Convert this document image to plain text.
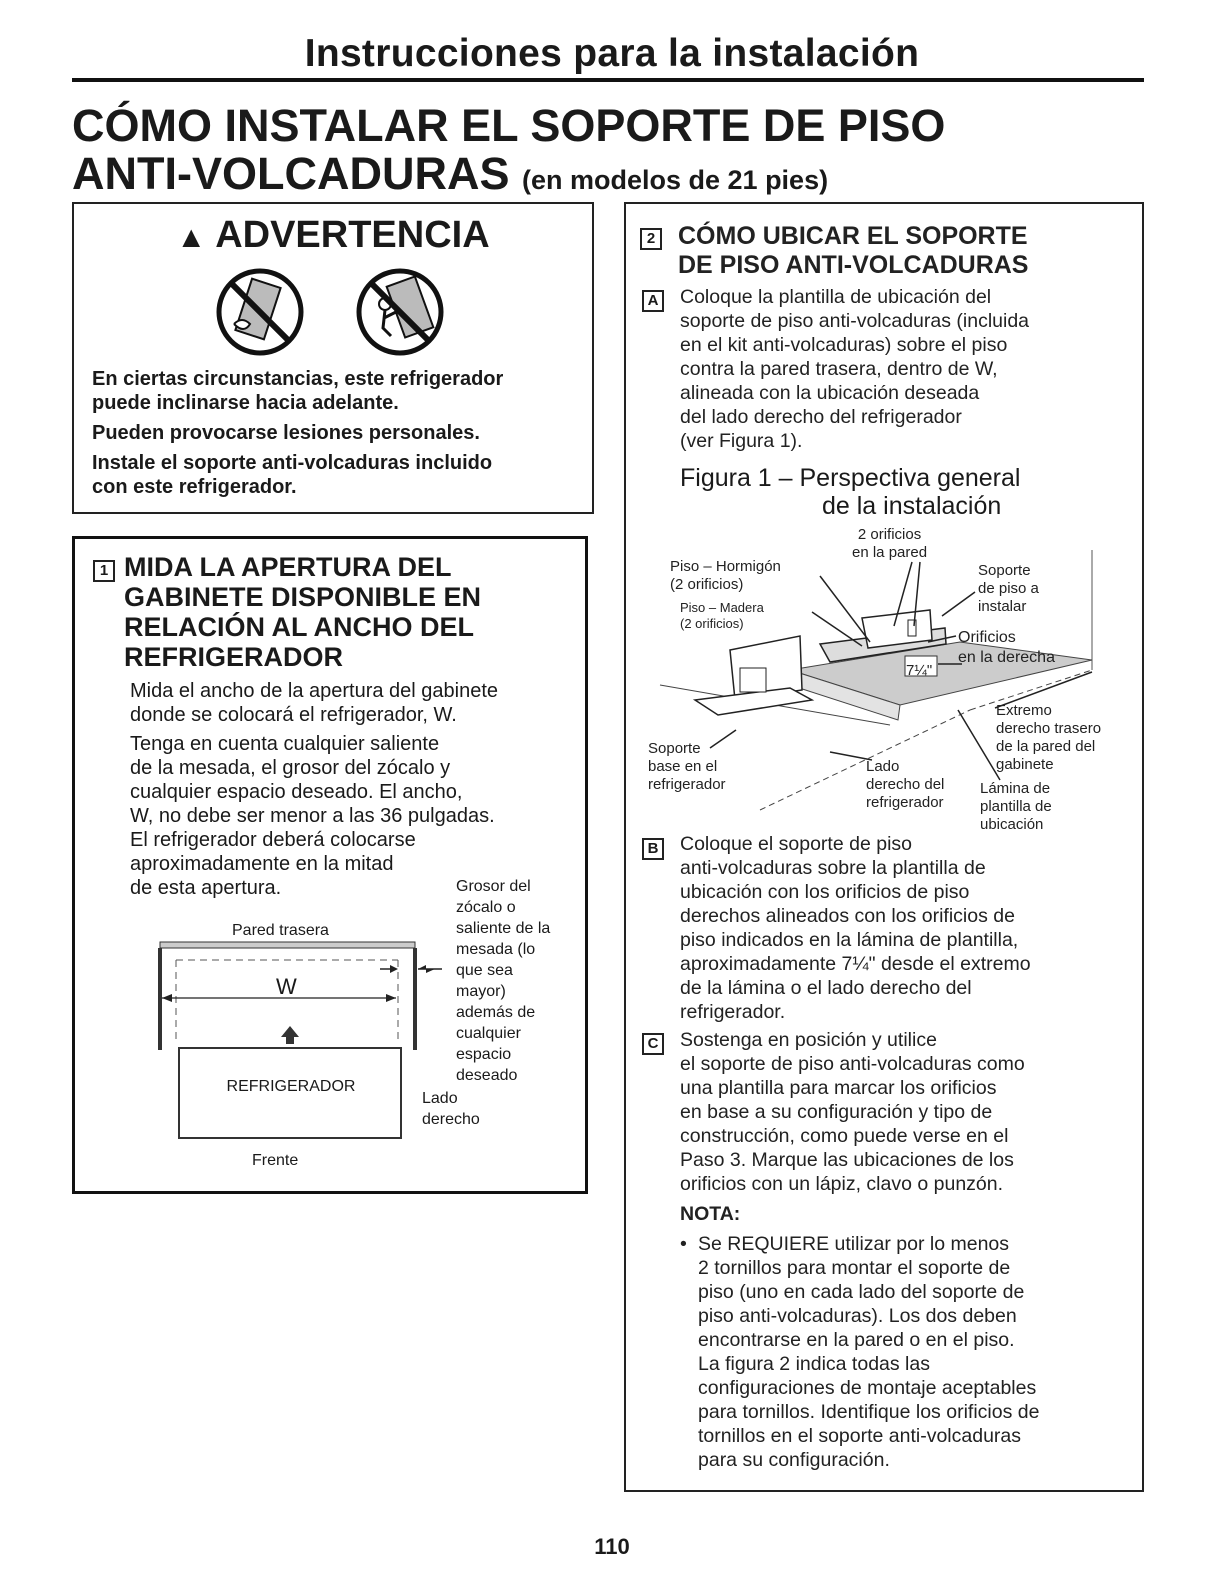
Instrucciones para la instalación
CÓMO INSTALAR EL SOPORTE DE PISO
ANTI-VOLCADURAS (en modelos de 21 pies)
▲ ADVERTENCIA
En ciertas circunstancias, este refrigerador
puede inclinarse hacia adelante.
Pueden provocarse lesiones personales.
Instale el soporte anti-volcaduras incluido
con este refrigerador.
1 MIDA LA APERTURA DEL
GABINETE DISPONIBLE EN
RELACIÓN AL ANCHO DEL
REFRIGERADOR
Mida el ancho de la apertura del gabinete
donde se colocará el refrigerador, W.
Tenga en cuenta cualquier saliente
de la mesada, el grosor del zócalo y
cualquier espacio deseado. El ancho,
W, no debe ser menor a las 36 pulgadas.
El refrigerador deberá colocarse
aproximadamente en la mitad
de esta apertura.
Pared trasera
W
REFRIGERADOR
Frente
Lado
derecho
Grosor del
zócalo o
saliente de la
mesada (lo
que sea
mayor)
además de
cualquier
espacio
deseado
2 CÓMO UBICAR EL SOPORTE
DE PISO ANTI-VOLCADURAS
A Coloque la plantilla de ubicación del
soporte de piso anti-volcaduras (incluida
en el kit anti-volcaduras) sobre el piso
contra la pared trasera, dentro de W,
alineada con la ubicación deseada
del lado derecho del refrigerador
(ver Figura 1).
Figura 1 – Perspectiva general
de la instalación
2 orificios
en la pared
Piso – Hormigón
(2 orificios)
Piso – Madera
(2 orificios)
Soporte
de piso a
instalar
Orificios
en la derecha
7¼"
Extremo
derecho trasero
de la pared del
gabinete
Soporte
base en el
refrigerador
Lado
derecho del
refrigerador
Lámina de
plantilla de
ubicación
B Coloque el soporte de piso
anti-volcaduras sobre la plantilla de
ubicación con los orificios de piso
derechos alineados con los orificios de
piso indicados en la lámina de plantilla,
aproximadamente 7¼" desde el extremo
de la lámina o el lado derecho del
refrigerador.
C Sostenga en posición y utilice
el soporte de piso anti-volcaduras como
una plantilla para marcar los orificios
en base a su configuración y tipo de
construcción, como puede verse en el
Paso 3. Marque las ubicaciones de los
orificios con un lápiz, clavo o punzón.
NOTA:
• Se REQUIERE utilizar por lo menos
2 tornillos para montar el soporte de
piso (uno en cada lado del soporte de
piso anti-volcaduras). Los dos deben
encontrarse en la pared o en el piso.
La figura 2 indica todas las
configuraciones de montaje aceptables
para tornillos. Identifique los orificios de
tornillos en el soporte anti-volcaduras
para su configuración.
110
